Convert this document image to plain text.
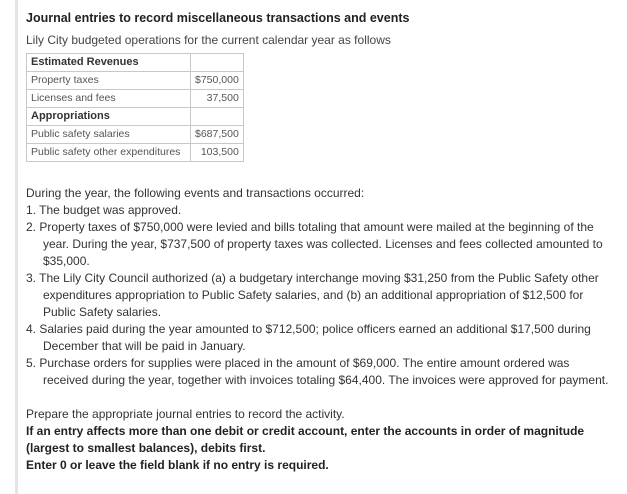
Journal entries to record miscellaneous transactions and events
Lily City budgeted operations for the current calendar year as follows
Estimated Revenues	
Property taxes	$750,000
Licenses and fees	37,500
Appropriations	
Public safety salaries	$687,500
Public safety other expenditures	103,500

During the year, the following events and transactions occurred:

1. The budget was approved.

2. Property taxes of $750,000 were levied and bills totaling that amount were mailed at the beginning of the year. During the year, $737,500 of property taxes was collected. Licenses and fees collected amounted to $35,000.

3. The Lily City Council authorized (a) a budgetary interchange moving $31,250 from the Public Safety other expenditures appropriation to Public Safety salaries, and (b) an additional appropriation of $12,500 for Public Safety salaries.

4. Salaries paid during the year amounted to $712,500; police officers earned an additional $17,500 during December that will be paid in January.

5. Purchase orders for supplies were placed in the amount of $69,000. The entire amount ordered was received during the year, together with invoices totaling $64,400. The invoices were approved for payment.

Prepare the appropriate journal entries to record the activity.

If an entry affects more than one debit or credit account, enter the accounts in order of magnitude (largest to smallest balances), debits first.

Enter 0 or leave the field blank if no entry is required.
